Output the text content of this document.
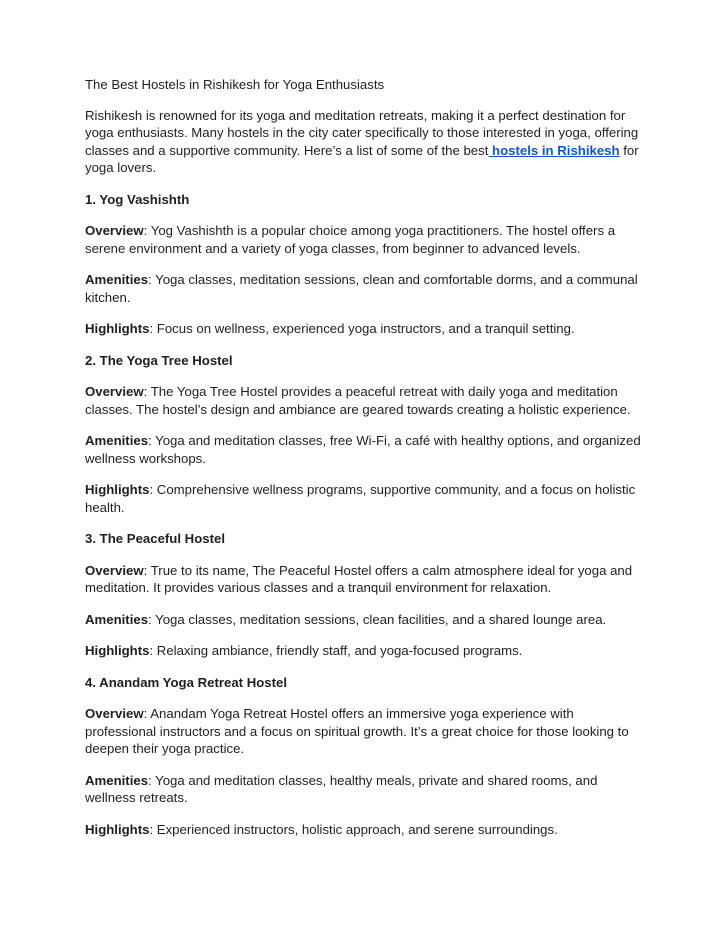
The Best Hostels in Rishikesh for Yoga Enthusiasts

Rishikesh is renowned for its yoga and meditation retreats, making it a perfect destination for yoga enthusiasts. Many hostels in the city cater specifically to those interested in yoga, offering classes and a supportive community. Here’s a list of some of the best hostels in Rishikesh for yoga lovers.

1. Yog Vashishth

Overview: Yog Vashishth is a popular choice among yoga practitioners. The hostel offers a serene environment and a variety of yoga classes, from beginner to advanced levels.

Amenities: Yoga classes, meditation sessions, clean and comfortable dorms, and a communal kitchen.

Highlights: Focus on wellness, experienced yoga instructors, and a tranquil setting.

2. The Yoga Tree Hostel

Overview: The Yoga Tree Hostel provides a peaceful retreat with daily yoga and meditation classes. The hostel’s design and ambiance are geared towards creating a holistic experience.

Amenities: Yoga and meditation classes, free Wi-Fi, a café with healthy options, and organized wellness workshops.

Highlights: Comprehensive wellness programs, supportive community, and a focus on holistic health.

3. The Peaceful Hostel

Overview: True to its name, The Peaceful Hostel offers a calm atmosphere ideal for yoga and meditation. It provides various classes and a tranquil environment for relaxation.

Amenities: Yoga classes, meditation sessions, clean facilities, and a shared lounge area.

Highlights: Relaxing ambiance, friendly staff, and yoga-focused programs.

4. Anandam Yoga Retreat Hostel

Overview: Anandam Yoga Retreat Hostel offers an immersive yoga experience with professional instructors and a focus on spiritual growth. It’s a great choice for those looking to deepen their yoga practice.

Amenities: Yoga and meditation classes, healthy meals, private and shared rooms, and wellness retreats.

Highlights: Experienced instructors, holistic approach, and serene surroundings.
